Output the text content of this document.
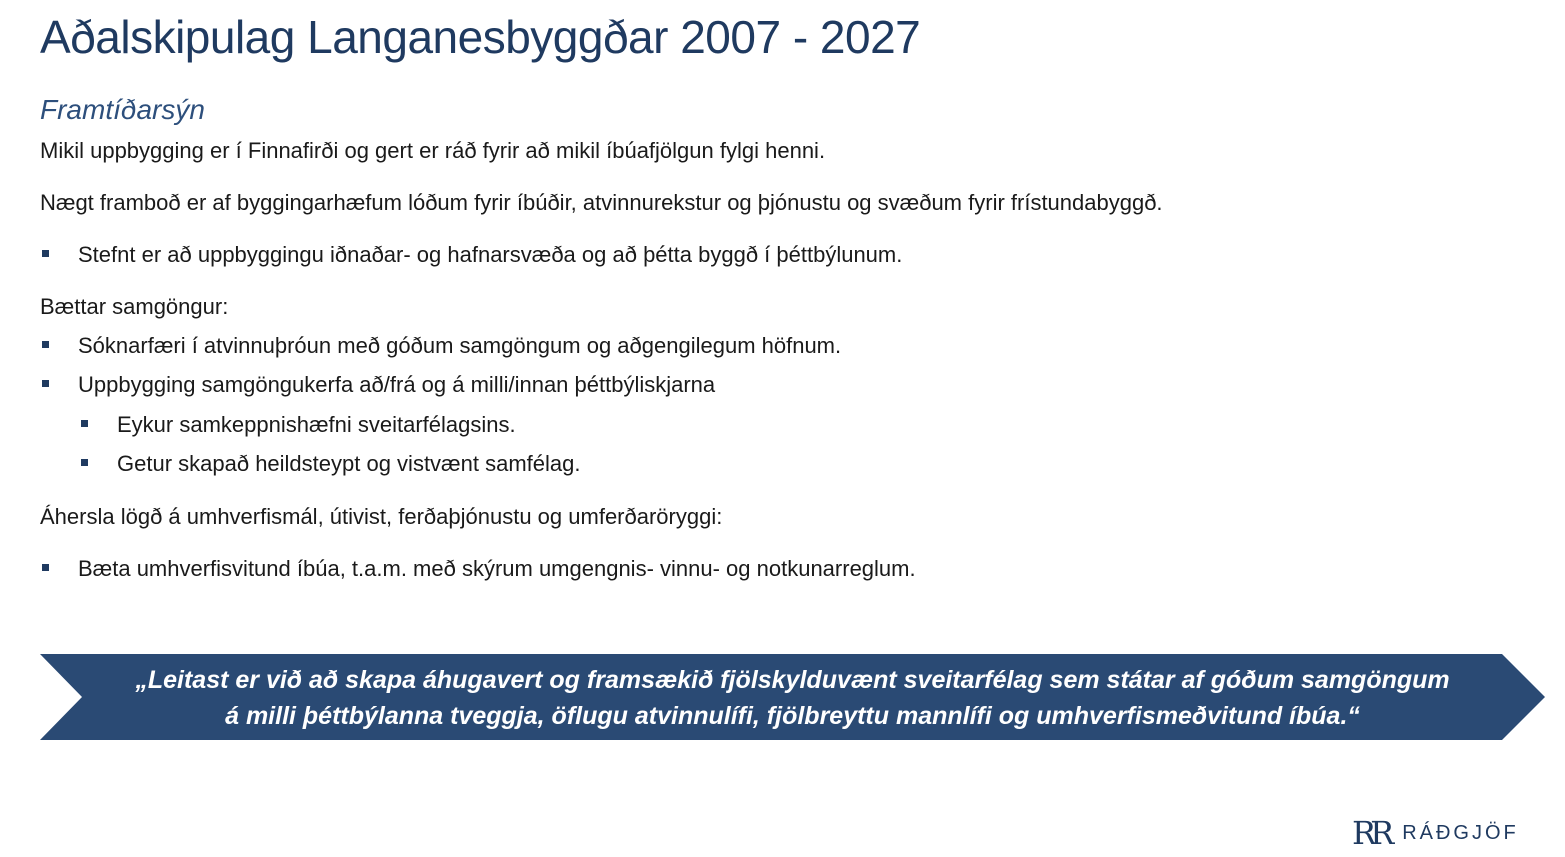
Aðalskipulag Langanesbyggðar 2007 - 2027
Framtíðarsýn
Mikil uppbygging er í Finnafirði og gert er ráð fyrir að mikil íbúafjölgun fylgi henni.
Nægt framboð er af byggingarhæfum lóðum fyrir íbúðir, atvinnurekstur og þjónustu og svæðum fyrir frístundabyggð.
Stefnt er að uppbyggingu iðnaðar- og hafnarsvæða og að þétta byggð í þéttbýlunum.
Bættar samgöngur:
Sóknarfæri í atvinnuþróun með góðum samgöngum og aðgengilegum höfnum.
Uppbygging samgöngukerfa að/frá og á milli/innan þéttbýliskjarna
Eykur samkeppnishæfni sveitarfélagsins.
Getur skapað heildsteypt og vistvænt samfélag.
Áhersla lögð á umhverfismál, útivist, ferðaþjónustu og umferðaröryggi:
Bæta umhverfisvitund íbúa, t.a.m. með skýrum umgengnis- vinnu- og notkunarreglum.
„Leitast er við að skapa áhugavert og framsækið fjölskylduvænt sveitarfélag sem státar af góðum samgöngum
á milli þéttbýlanna tveggja, öflugu atvinnulífi, fjölbreyttu mannlífi og umhverfismeðvitund íbúa.“
RR RÁÐGJÖF
